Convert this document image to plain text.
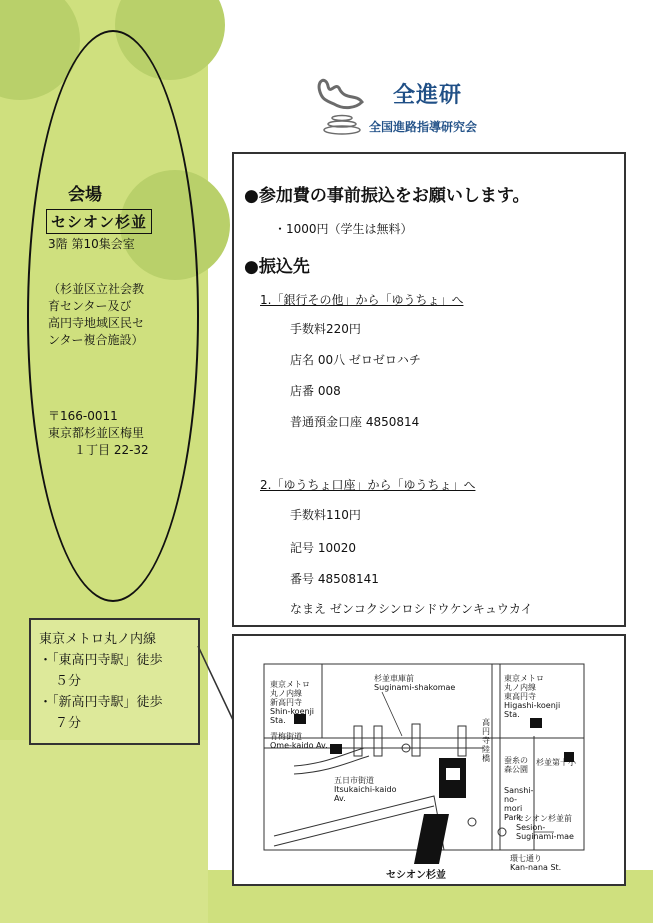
会場
セシオン杉並
3階 第10集会室
（杉並区立社会教
育センター及び
高円寺地域区民セ
ンター複合施設）
〒166-0011
東京都杉並区梅里
１丁目 22-32
東京メトロ丸ノ内線
・「東高円寺駅」徒歩
５分
・「新高円寺駅」徒歩
７分
全進研
全国進路指導研究会
●参加費の事前振込をお願いします。
・1000円（学生は無料）
●振込先
1.「銀行その他」から「ゆうちょ」へ
手数料220円
店名 00八 ゼロゼロハチ
店番 008
普通預金口座 4850814
2.「ゆうちょ口座」から「ゆうちょ」へ
手数料110円
記号 10020
番号 48508141
なまえ ゼンコクシンロシドウケンキュウカイ
東京メトロ
丸ノ内線
新高円寺
Shin-koenji
Sta.
杉並車庫前
Suginami-shakomae
東京メトロ
丸ノ内線
東高円寺
Higashi-koenji
Sta.
青梅街道
Ome-kaido Av.
五日市街道
Itsukaichi-kaido
Av.
高円寺陸橋	杉並第十小
蚕糸の森公園
Sanshi-no-mori Park
セシオン杉並前
Sesion-
Suginami-mae
環七通り
Kan-nana St.
セシオン杉並
